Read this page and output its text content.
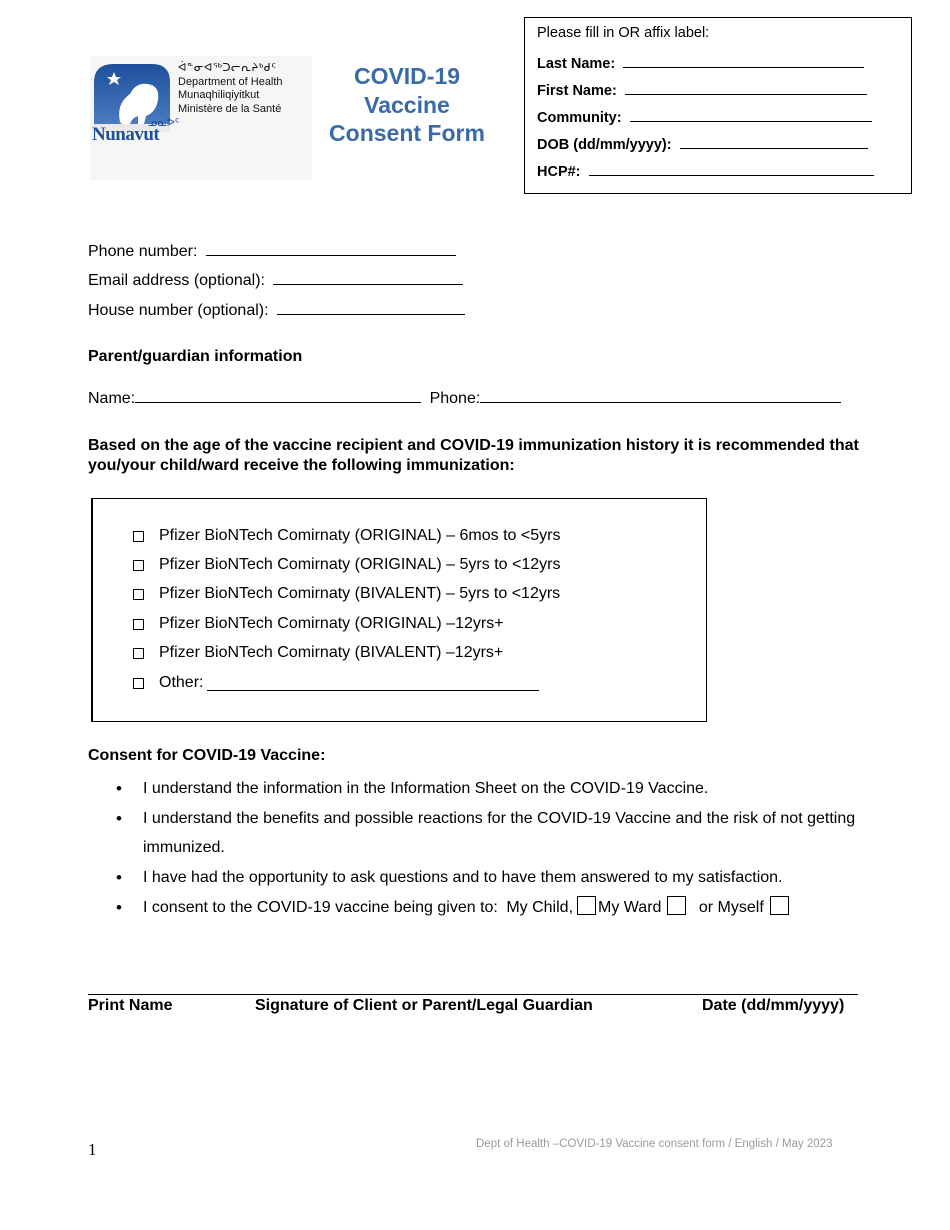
Nunavut
ᓄᓇᕗᑦ
ᐋᓐᓂᐊᖅᑐᓕᕆᔨᒃᑯᑦ
Department of Health
Munaqhiliqiyitkut
Ministère de la Santé
COVID-19
Vaccine
Consent Form
Please fill in OR affix label:
Last Name:
First Name:
Community:
DOB (dd/mm/yyyy):
HCP#:
Phone number:
Email address (optional):
House number (optional):
Parent/guardian information
Name:	Phone:
Based on the age of the vaccine recipient and COVID-19 immunization history it is recommended that you/your child/ward receive the following immunization:
Pfizer BioNTech Comirnaty (ORIGINAL) – 6mos to <5yrs
Pfizer BioNTech Comirnaty (ORIGINAL) – 5yrs to <12yrs
Pfizer BioNTech Comirnaty (BIVALENT) – 5yrs to <12yrs
Pfizer BioNTech Comirnaty (ORIGINAL) –12yrs+
Pfizer BioNTech Comirnaty (BIVALENT) –12yrs+
Other:
Consent for COVID-19 Vaccine:
• I understand the information in the Information Sheet on the COVID-19 Vaccine.
• I understand the benefits and possible reactions for the COVID-19 Vaccine and the risk of not getting immunized.
• I have had the opportunity to ask questions and to have them answered to my satisfaction.
• I consent to the COVID-19 vaccine being given to: My Child, My Ward or Myself
Print Name	Signature of Client or Parent/Legal Guardian	Date (dd/mm/yyyy)
1	Dept of Health –COVID-19 Vaccine consent form / English / May 2023
